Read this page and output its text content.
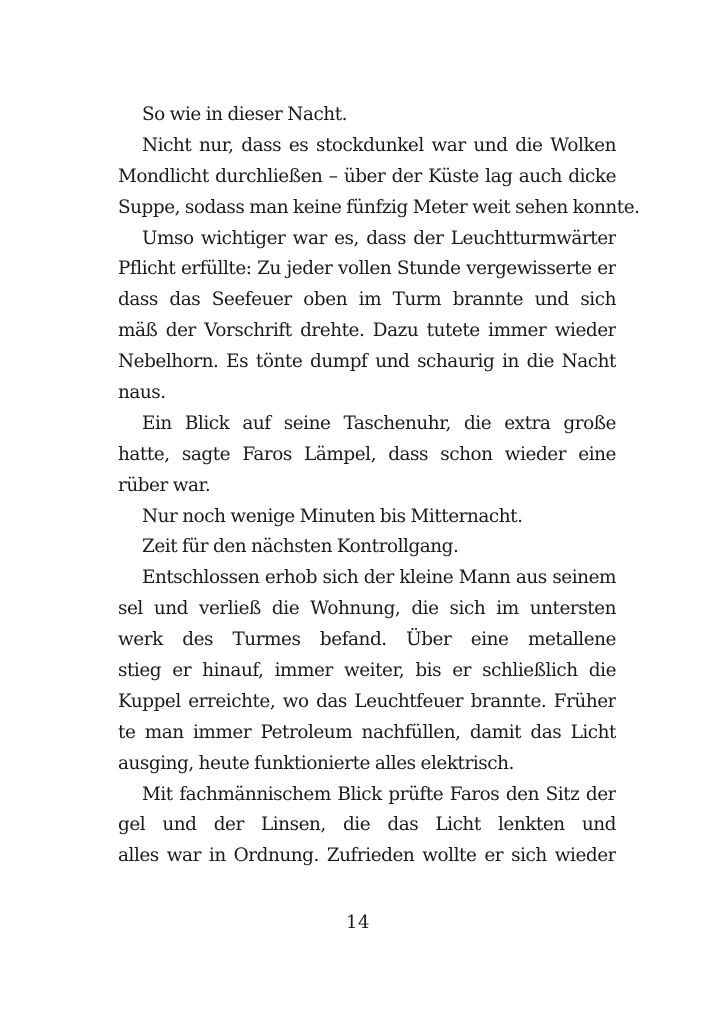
So wie in dieser Nacht.
Nicht nur, dass es stockdunkel war und die Wolken
Mondlicht durchließen – über der Küste lag auch dicke
Suppe, sodass man keine fünfzig Meter weit sehen konnte.
Umso wichtiger war es, dass der Leuchtturmwärter
Pflicht erfüllte: Zu jeder vollen Stunde vergewisserte er
dass das Seefeuer oben im Turm brannte und sich
mäß der Vorschrift drehte. Dazu tutete immer wieder
Nebelhorn. Es tönte dumpf und schaurig in die Nacht
naus.
Ein Blick auf seine Taschenuhr, die extra große
hatte, sagte Faros Lämpel, dass schon wieder eine
rüber war.
Nur noch wenige Minuten bis Mitternacht.
Zeit für den nächsten Kontrollgang.
Entschlossen erhob sich der kleine Mann aus seinem
sel und verließ die Wohnung, die sich im untersten
werk des Turmes befand. Über eine metallene
stieg er hinauf, immer weiter, bis er schließlich die
Kuppel erreichte, wo das Leuchtfeuer brannte. Früher
te man immer Petroleum nachfüllen, damit das Licht
ausging, heute funktionierte alles elektrisch.
Mit fachmännischem Blick prüfte Faros den Sitz der
gel und der Linsen, die das Licht lenkten und
alles war in Ordnung. Zufrieden wollte er sich wieder
14
